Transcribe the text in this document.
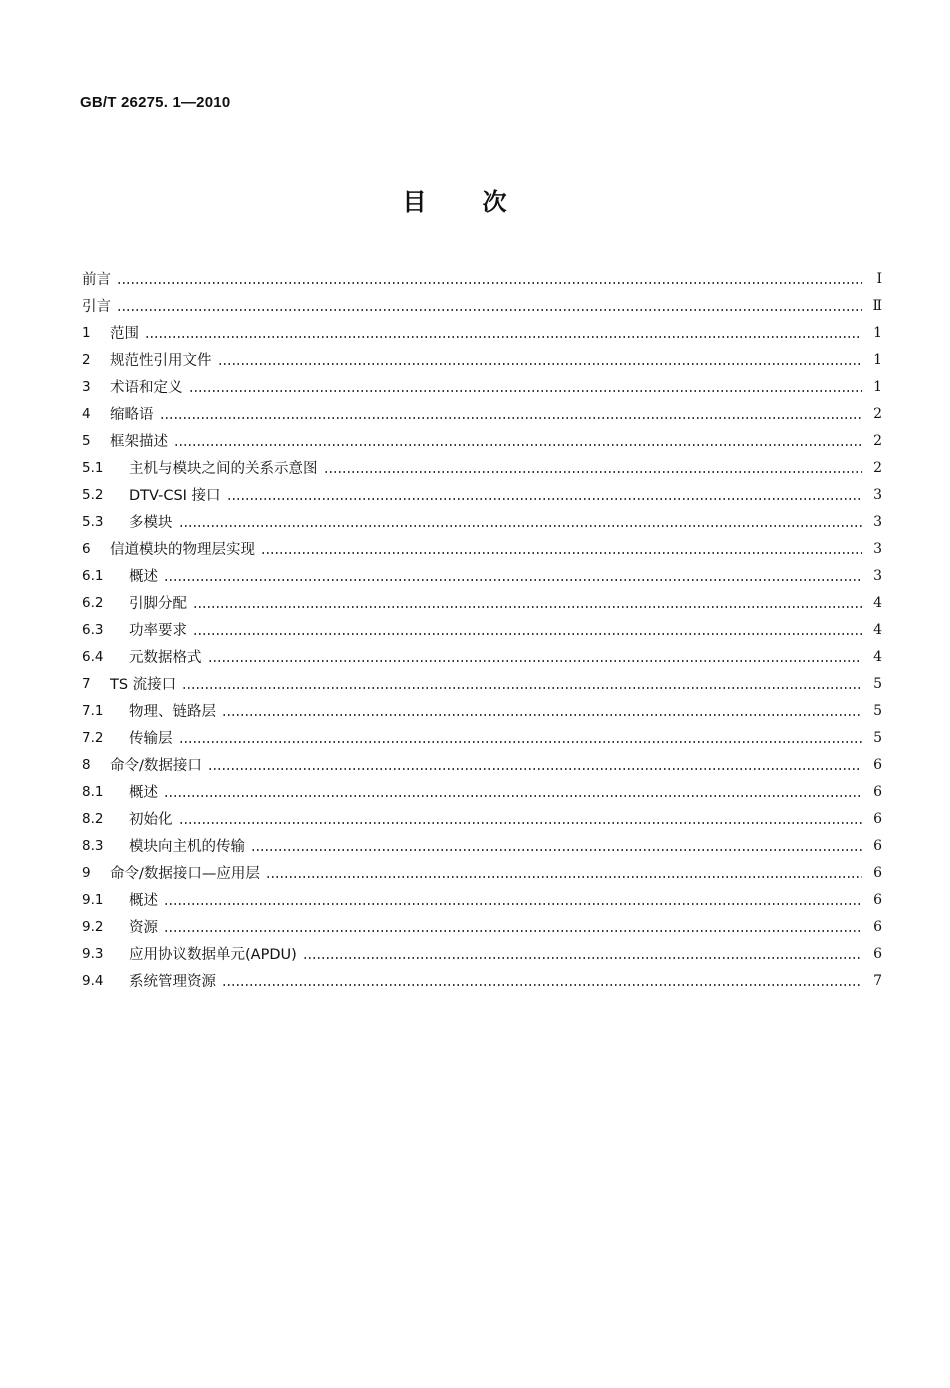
GB/T 26275. 1—2010
目次
前言	Ⅰ
引言	Ⅱ
1	范围	1
2	规范性引用文件	1
3	术语和定义	1
4	缩略语	2
5	框架描述	2
5.1	主机与模块之间的关系示意图	2
5.2	DTV-CSI 接口	3
5.3	多模块	3
6	信道模块的物理层实现	3
6.1	概述	3
6.2	引脚分配	4
6.3	功率要求	4
6.4	元数据格式	4
7	TS 流接口	5
7.1	物理、链路层	5
7.2	传输层	5
8	命令/数据接口	6
8.1	概述	6
8.2	初始化	6
8.3	模块向主机的传输	6
9	命令/数据接口—应用层	6
9.1	概述	6
9.2	资源	6
9.3	应用协议数据单元(APDU)	6
9.4	系统管理资源	7
